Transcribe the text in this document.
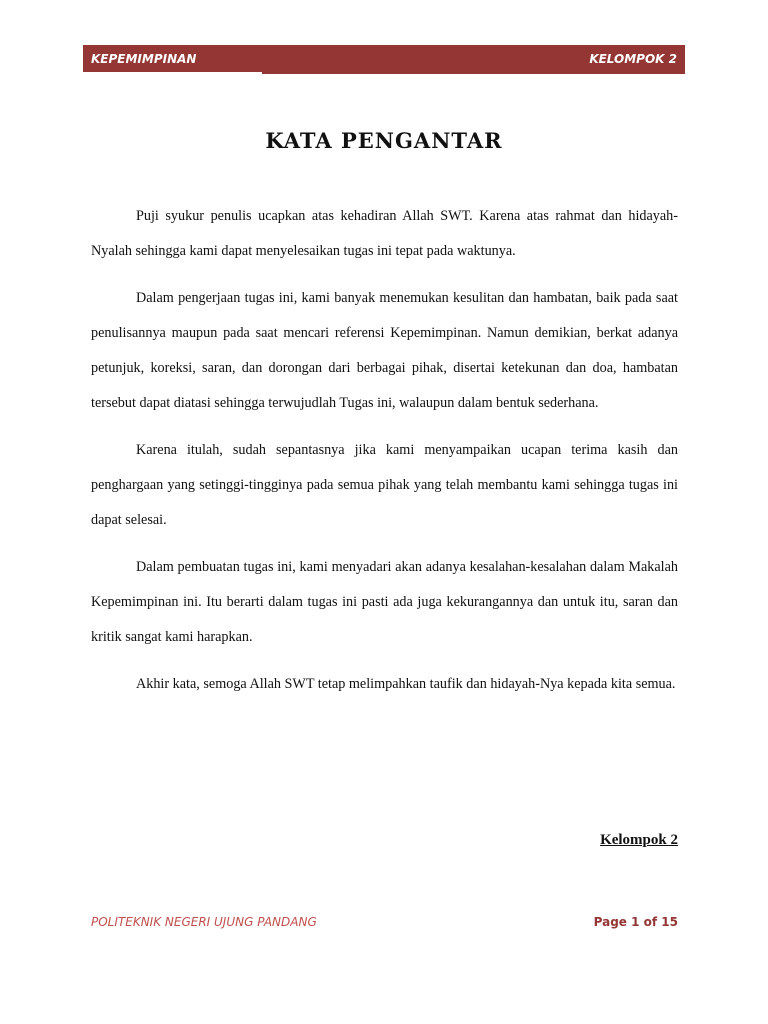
KEPEMIMPINAN	KELOMPOK 2
KATA PENGANTAR

Puji syukur penulis ucapkan atas kehadiran Allah SWT. Karena atas rahmat dan hidayah-Nyalah sehingga kami dapat menyelesaikan tugas ini tepat pada waktunya.

Dalam pengerjaan tugas ini, kami banyak menemukan kesulitan dan hambatan, baik pada saat penulisannya maupun pada saat mencari referensi Kepemimpinan. Namun demikian, berkat adanya petunjuk, koreksi, saran, dan dorongan dari berbagai pihak, disertai ketekunan dan doa, hambatan tersebut dapat diatasi sehingga terwujudlah Tugas ini, walaupun dalam bentuk sederhana.

Karena itulah, sudah sepantasnya jika kami menyampaikan ucapan terima kasih dan penghargaan yang setinggi-tingginya pada semua pihak yang telah membantu kami sehingga tugas ini dapat selesai.

Dalam pembuatan tugas ini, kami menyadari akan adanya kesalahan-kesalahan dalam Makalah Kepemimpinan ini. Itu berarti dalam tugas ini pasti ada juga kekurangannya dan untuk itu, saran dan kritik sangat kami harapkan.

Akhir kata, semoga Allah SWT tetap melimpahkan taufik dan hidayah-Nya kepada kita semua.

Kelompok 2
POLITEKNIK NEGERI UJUNG PANDANG	Page 1 of 15
